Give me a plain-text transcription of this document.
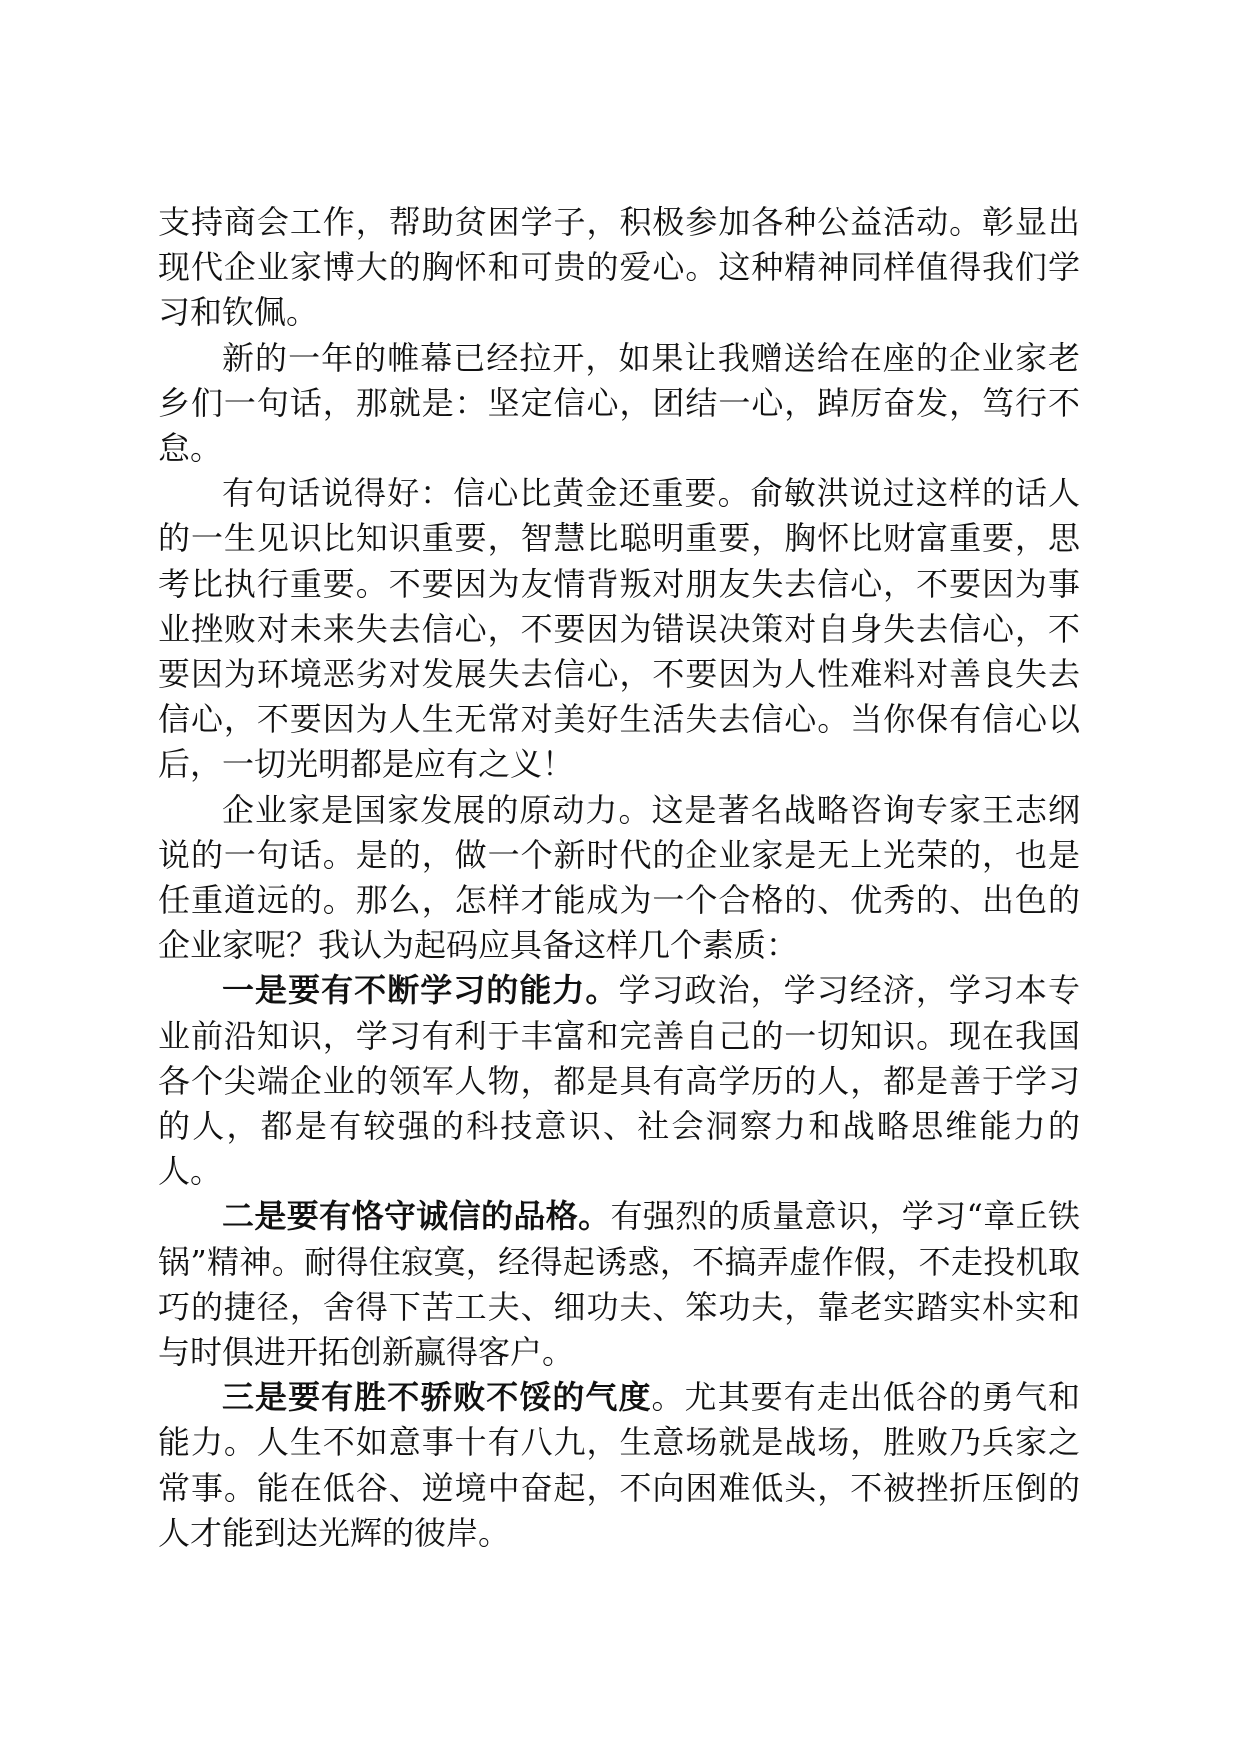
支持商会工作，帮助贫困学子，积极参加各种公益活动。彰显出现代企业家博大的胸怀和可贵的爱心。这种精神同样值得我们学习和钦佩。

新的一年的帷幕已经拉开，如果让我赠送给在座的企业家老乡们一句话，那就是：坚定信心，团结一心，踔厉奋发，笃行不怠。

有句话说得好：信心比黄金还重要。俞敏洪说过这样的话人的一生见识比知识重要，智慧比聪明重要，胸怀比财富重要，思考比执行重要。不要因为友情背叛对朋友失去信心，不要因为事业挫败对未来失去信心，不要因为错误决策对自身失去信心，不要因为环境恶劣对发展失去信心，不要因为人性难料对善良失去信心，不要因为人生无常对美好生活失去信心。当你保有信心以后，一切光明都是应有之义！

企业家是国家发展的原动力。这是著名战略咨询专家王志纲说的一句话。是的，做一个新时代的企业家是无上光荣的，也是任重道远的。那么，怎样才能成为一个合格的、优秀的、出色的企业家呢？我认为起码应具备这样几个素质：

一是要有不断学习的能力。学习政治，学习经济，学习本专业前沿知识，学习有利于丰富和完善自己的一切知识。现在我国各个尖端企业的领军人物，都是具有高学历的人，都是善于学习的人，都是有较强的科技意识、社会洞察力和战略思维能力的人。

二是要有恪守诚信的品格。有强烈的质量意识，学习“章丘铁锅”精神。耐得住寂寞，经得起诱惑，不搞弄虚作假，不走投机取巧的捷径，舍得下苦工夫、细功夫、笨功夫，靠老实踏实朴实和与时俱进开拓创新赢得客户。

三是要有胜不骄败不馁的气度。尤其要有走出低谷的勇气和能力。人生不如意事十有八九，生意场就是战场，胜败乃兵家之常事。能在低谷、逆境中奋起，不向困难低头，不被挫折压倒的人才能到达光辉的彼岸。
